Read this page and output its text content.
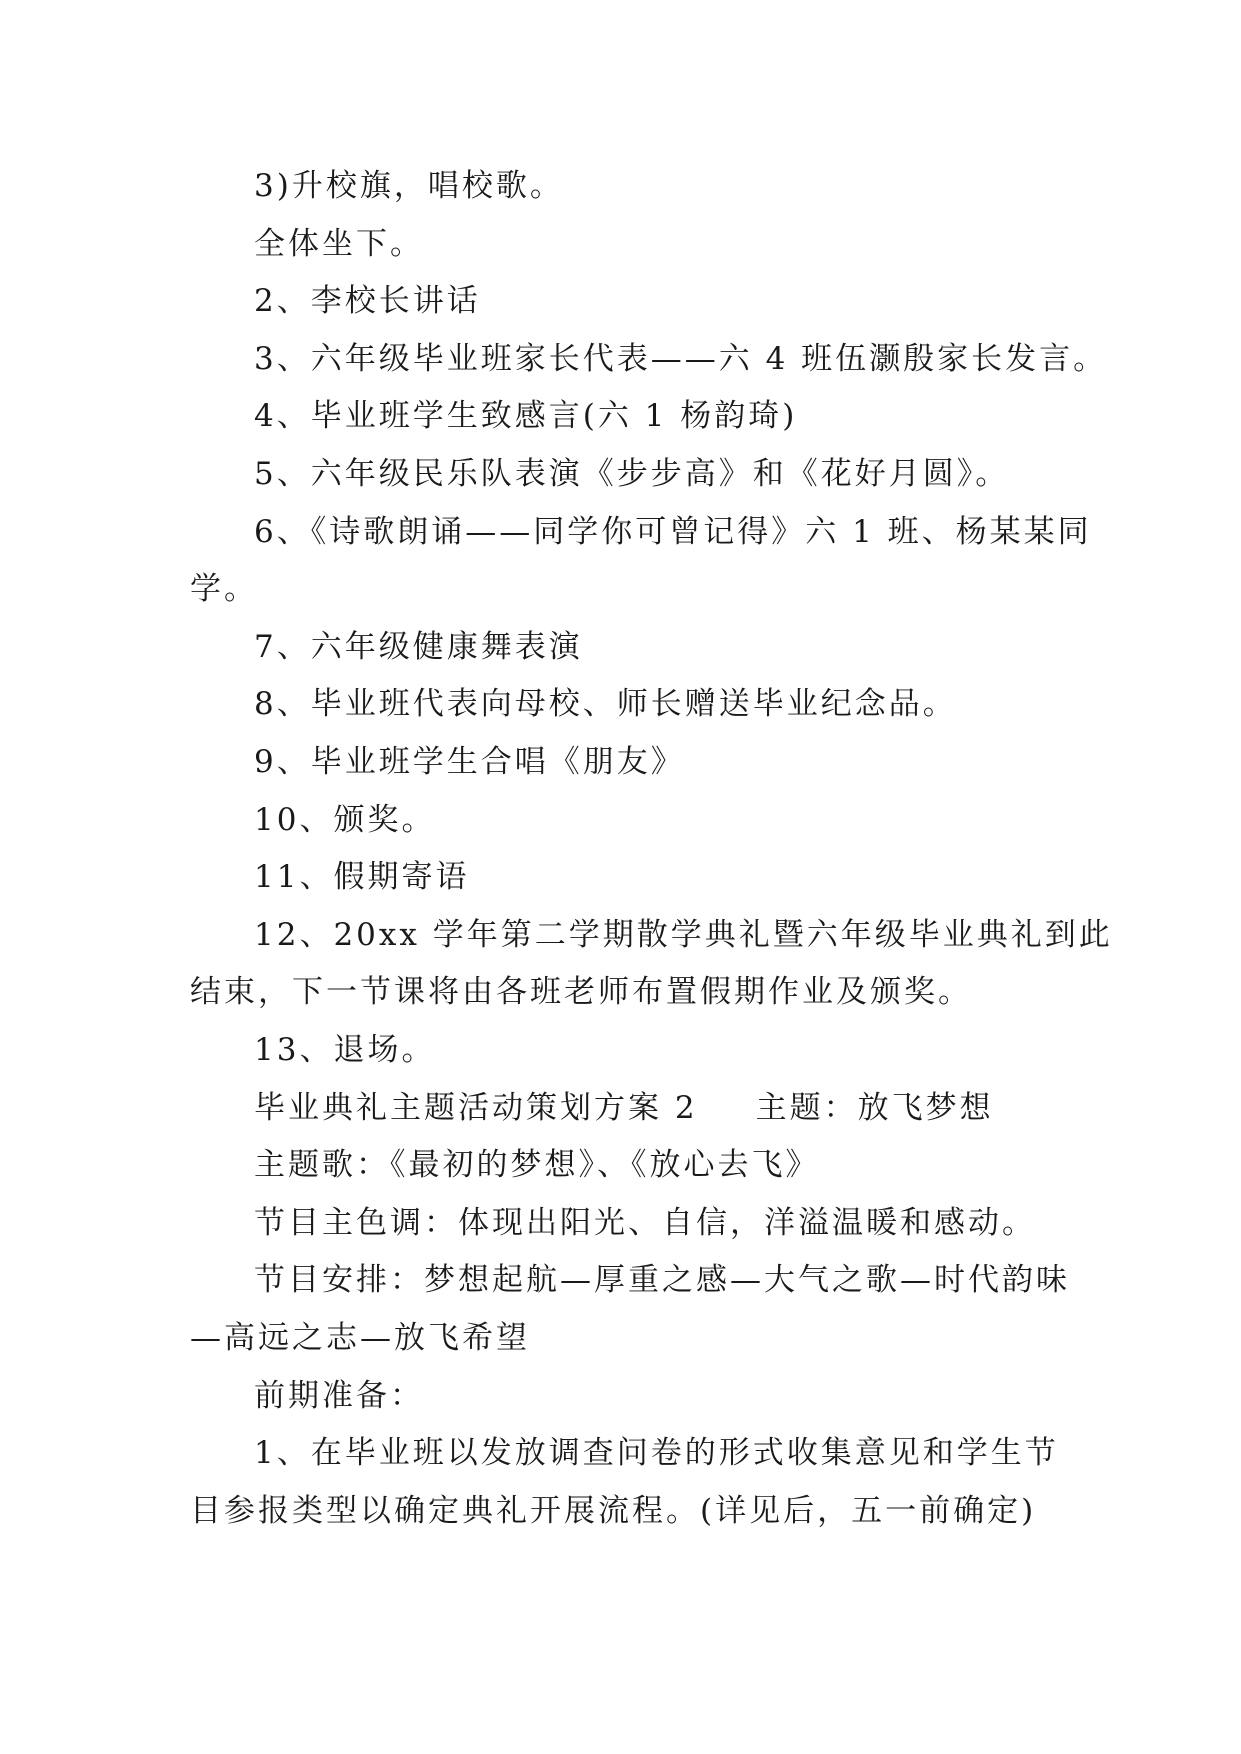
3)升校旗，唱校歌。
全体坐下。
2、李校长讲话
3、六年级毕业班家长代表——六 4 班伍灏殷家长发言。
4、毕业班学生致感言(六 1 杨韵琦)
5、六年级民乐队表演《步步高》和《花好月圆》。
6、《诗歌朗诵——同学你可曾记得》六 1 班、杨某某同
学。
7、六年级健康舞表演
8、毕业班代表向母校、师长赠送毕业纪念品。
9、毕业班学生合唱《朋友》
10、颁奖。
11、假期寄语
12、20xx 学年第二学期散学典礼暨六年级毕业典礼到此
结束，下一节课将由各班老师布置假期作业及颁奖。
13、退场。
毕业典礼主题活动策划方案 2 主题：放飞梦想
主题歌：《最初的梦想》、《放心去飞》
节目主色调：体现出阳光、自信，洋溢温暖和感动。
节目安排：梦想起航—厚重之感—大气之歌—时代韵味
—高远之志—放飞希望
前期准备：
1、在毕业班以发放调查问卷的形式收集意见和学生节
目参报类型以确定典礼开展流程。(详见后，五一前确定)
